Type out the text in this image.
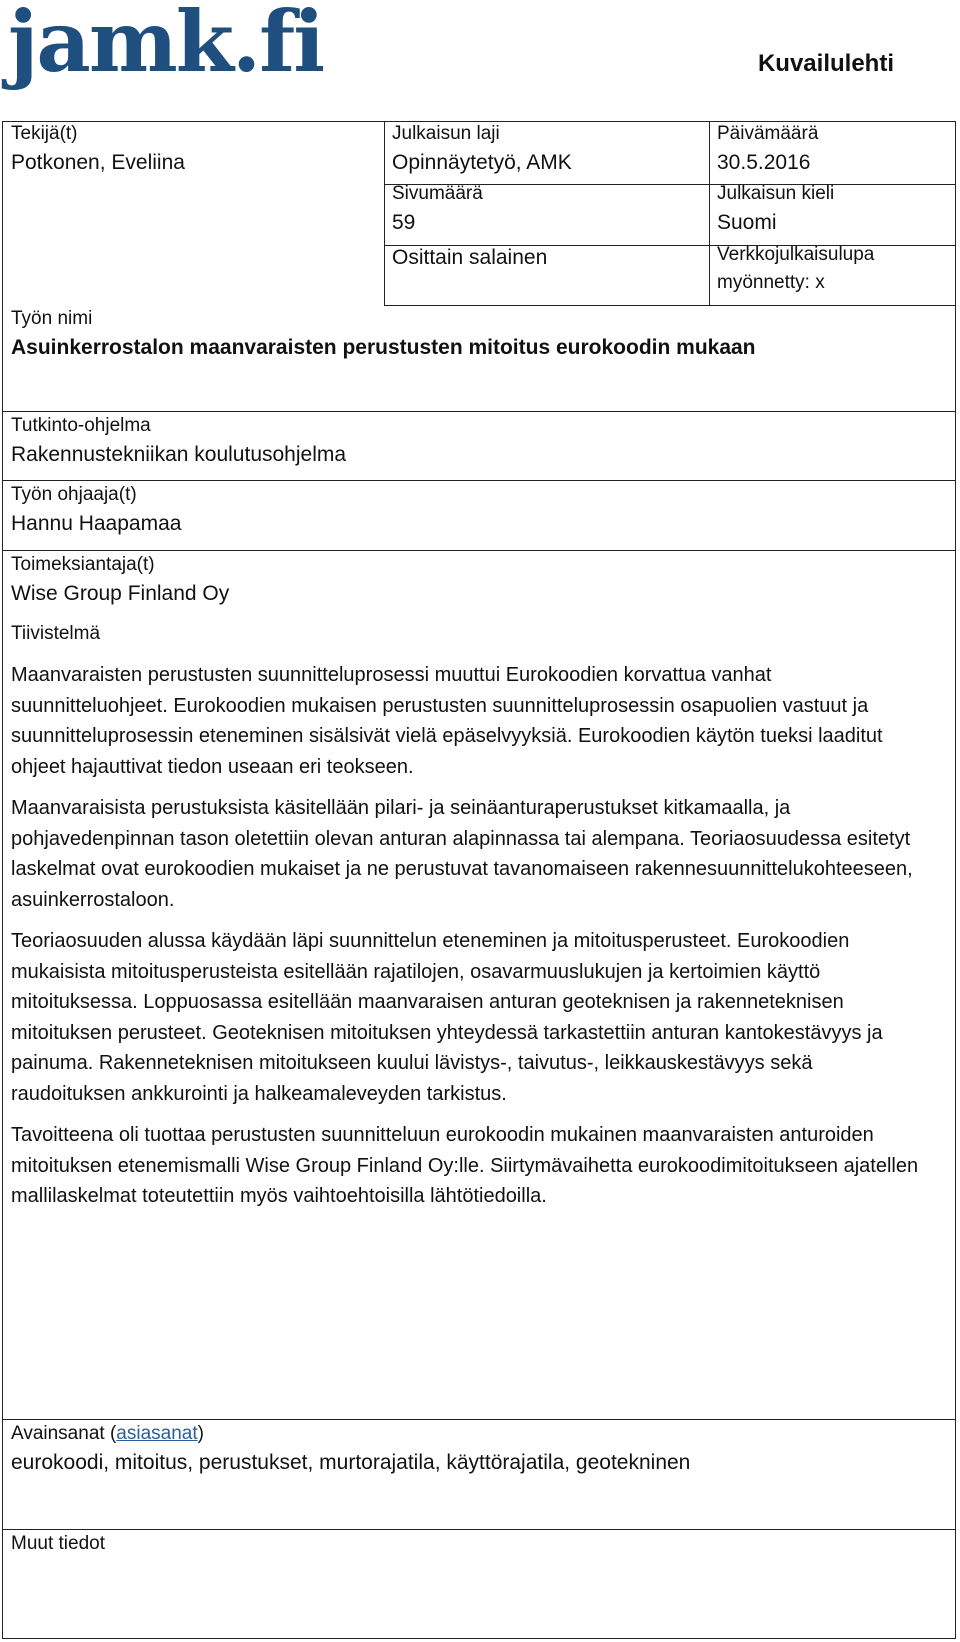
jamk.fi	Kuvailulehti
Tekijä(t)
Potkonen, Eveliina
Julkaisun laji
Opinnäytetyö, AMK
Päivämäärä
30.5.2016
Sivumäärä
59
Julkaisun kieli
Suomi
Osittain salainen	Verkkojulkaisulupa
myönnetty: x
Työn nimi
Asuinkerrostalon maanvaraisten perustusten mitoitus eurokoodin mukaan
Tutkinto-ohjelma
Rakennustekniikan koulutusohjelma
Työn ohjaaja(t)
Hannu Haapamaa
Toimeksiantaja(t)
Wise Group Finland Oy
Tiivistelmä

Maanvaraisten perustusten suunnitteluprosessi muuttui Eurokoodien korvattua vanhat suunnitteluohjeet. Eurokoodien mukaisen perustusten suunnitteluprosessin osapuolien vastuut ja suunnitteluprosessin eteneminen sisälsivät vielä epäselvyyksiä. Eurokoodien käytön tueksi laaditut ohjeet hajauttivat tiedon useaan eri teokseen.

Maanvaraisista perustuksista käsitellään pilari- ja seinäanturaperustukset kitkamaalla, ja pohjavedenpinnan tason oletettiin olevan anturan alapinnassa tai alempana. Teoriaosuudessa esitetyt laskelmat ovat eurokoodien mukaiset ja ne perustuvat tavanomaiseen rakennesuunnittelukohteeseen, asuinkerrostaloon.

Teoriaosuuden alussa käydään läpi suunnittelun eteneminen ja mitoitusperusteet. Eurokoodien mukaisista mitoitusperusteista esitellään rajatilojen, osavarmuuslukujen ja kertoimien käyttö mitoituksessa. Loppuosassa esitellään maanvaraisen anturan geoteknisen ja rakenneteknisen mitoituksen perusteet. Geoteknisen mitoituksen yhteydessä tarkastettiin anturan kantokestävyys ja painuma. Rakenneteknisen mitoitukseen kuului lävistys-, taivutus-, leikkauskestävyys sekä raudoituksen ankkurointi ja halkeamaleveyden tarkistus.

Tavoitteena oli tuottaa perustusten suunnitteluun eurokoodin mukainen maanvaraisten anturoiden mitoituksen etenemismalli Wise Group Finland Oy:lle. Siirtymävaihetta eurokoodimitoitukseen ajatellen mallilaskelmat toteutettiin myös vaihtoehtoisilla lähtötiedoilla.

Avainsanat (asiasanat)
eurokoodi, mitoitus, perustukset, murtorajatila, käyttörajatila, geotekninen
Muut tiedot
